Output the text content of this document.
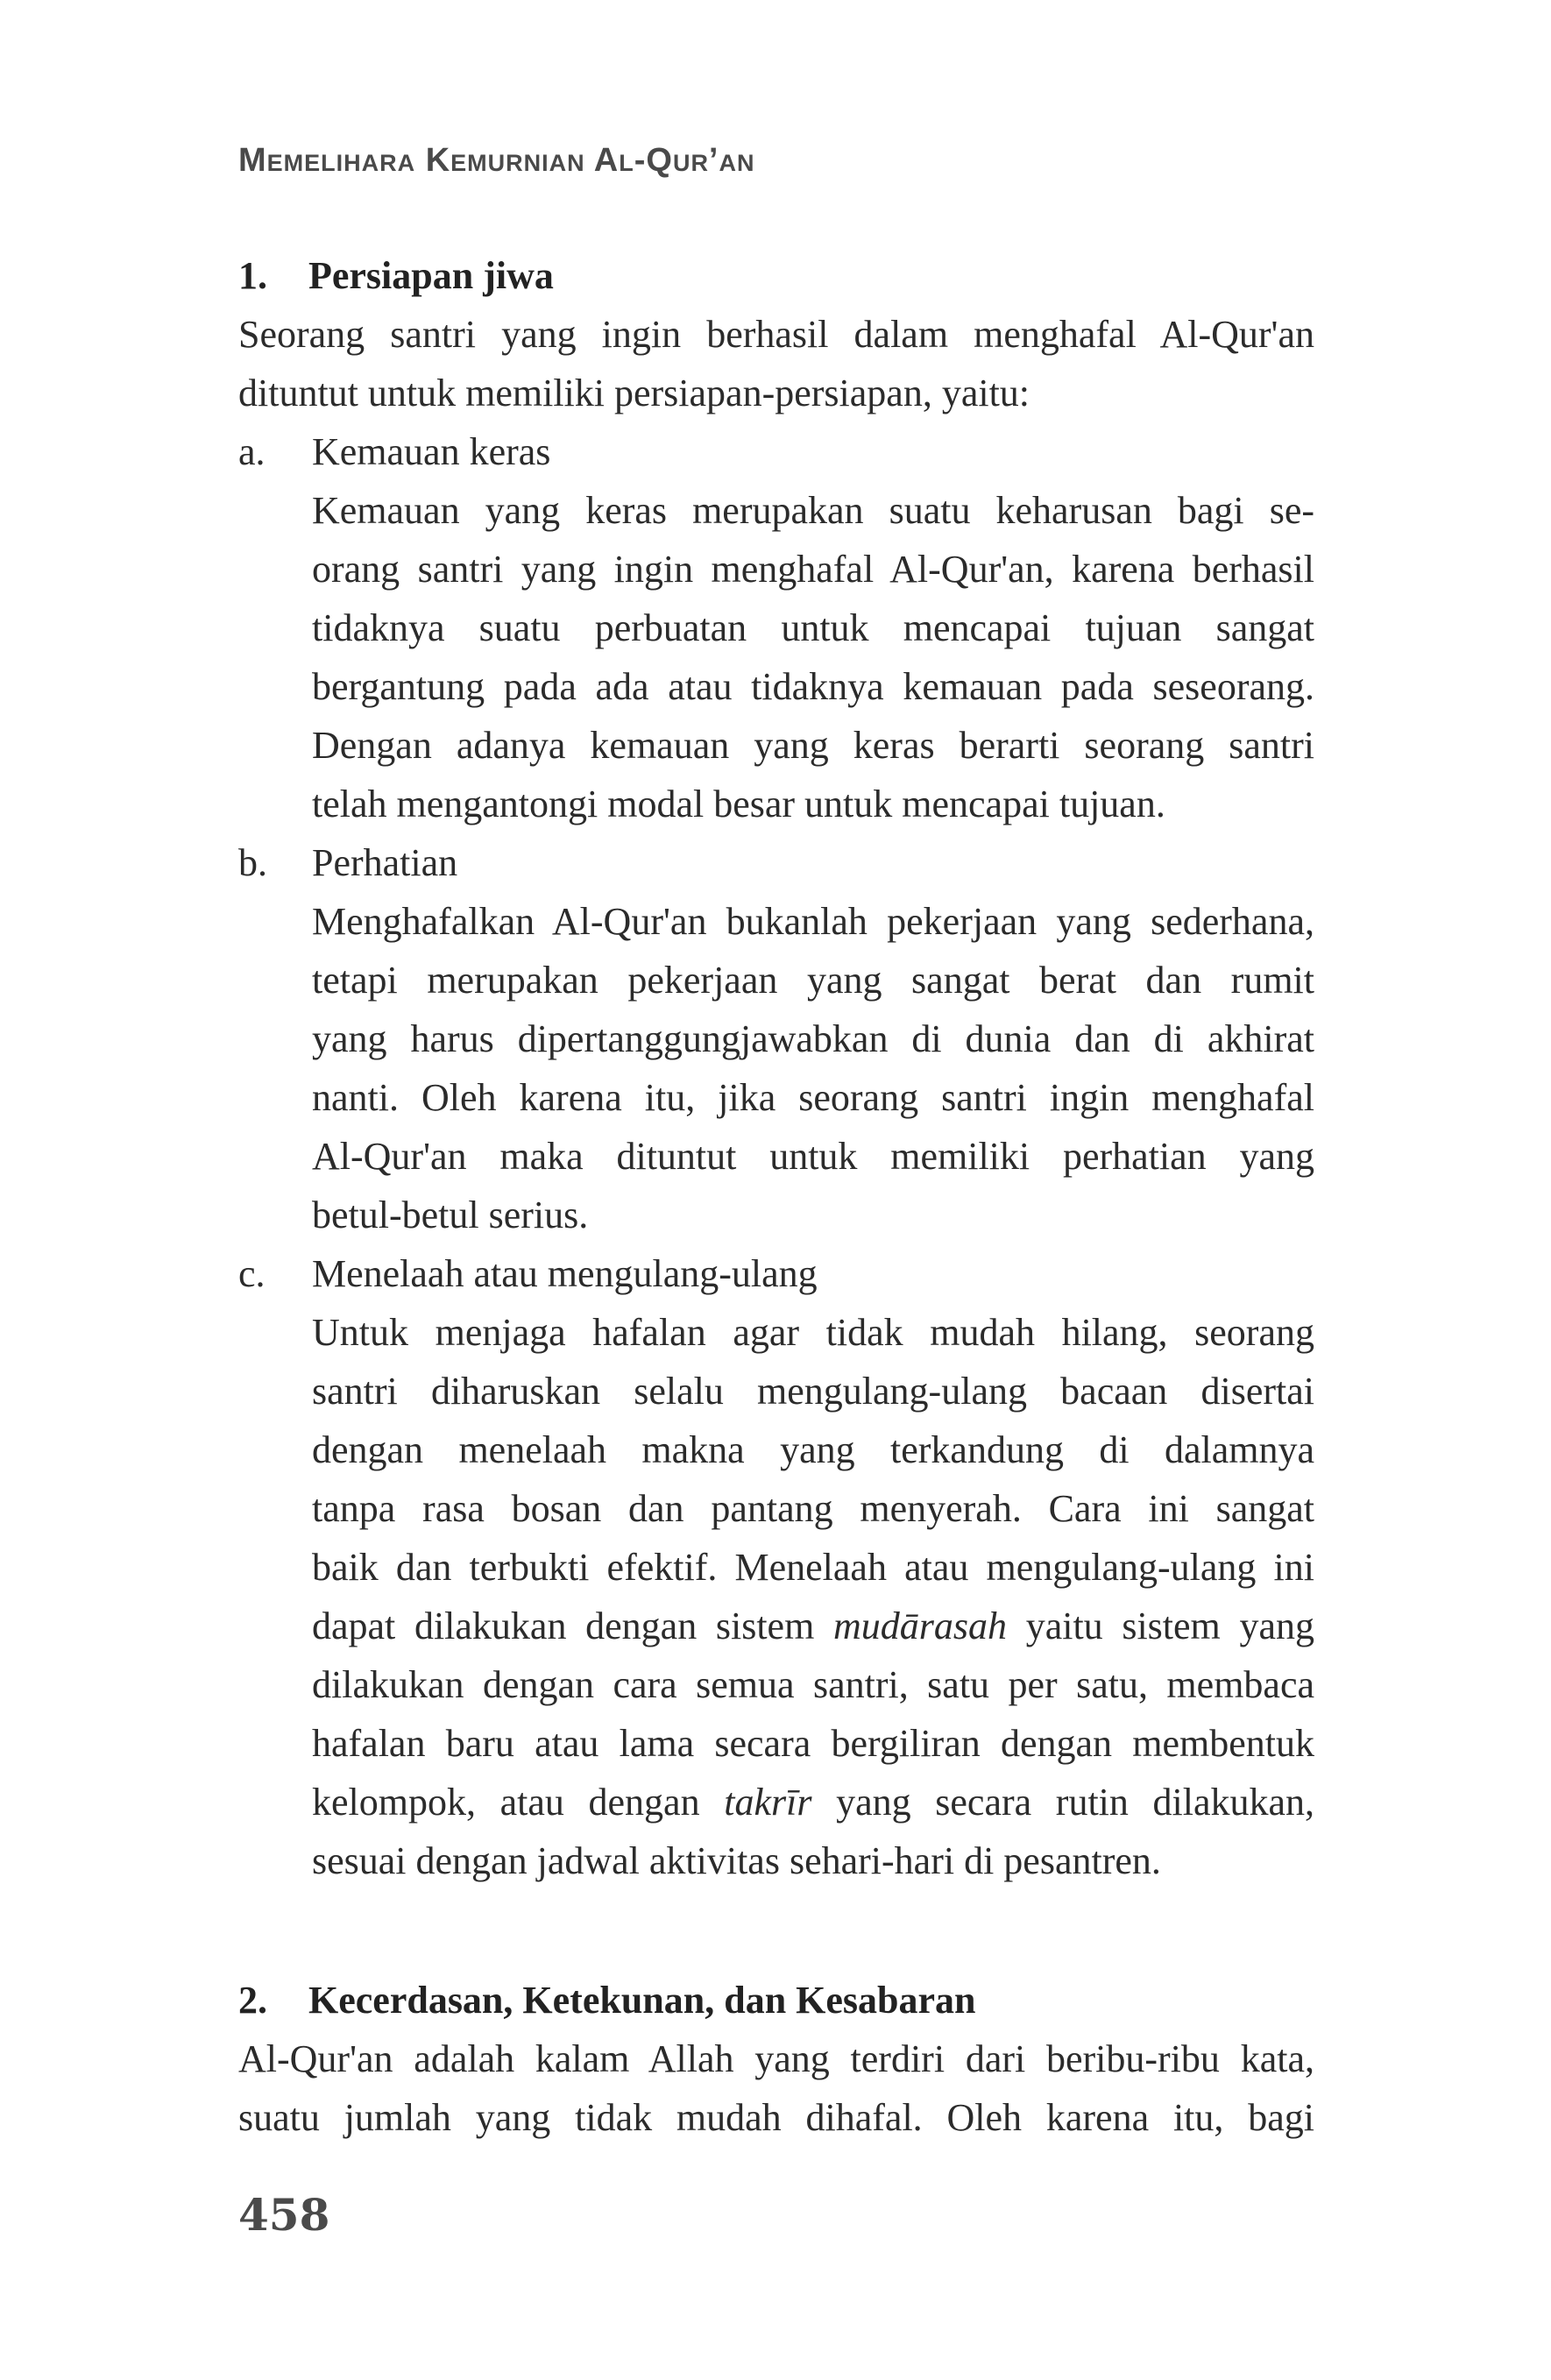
Memelihara Kemurnian Al-Qur’an
1. Persiapan jiwa
Seorang santri yang ingin berhasil dalam menghafal Al-Qur'an
dituntut untuk memiliki persiapan-persiapan, yaitu:
a. Kemauan keras
Kemauan yang keras merupakan suatu keharusan bagi se-
orang santri yang ingin menghafal Al-Qur'an, karena berhasil
tidaknya suatu perbuatan untuk mencapai tujuan sangat
bergantung pada ada atau tidaknya kemauan pada seseorang.
Dengan adanya kemauan yang keras berarti seorang santri
telah mengantongi modal besar untuk mencapai tujuan.
b. Perhatian
Menghafalkan Al-Qur'an bukanlah pekerjaan yang sederhana,
tetapi merupakan pekerjaan yang sangat berat dan rumit
yang harus dipertanggungjawabkan di dunia dan di akhirat
nanti. Oleh karena itu, jika seorang santri ingin menghafal
Al-Qur'an maka dituntut untuk memiliki perhatian yang
betul-betul serius.
c. Menelaah atau mengulang-ulang
Untuk menjaga hafalan agar tidak mudah hilang, seorang
santri diharuskan selalu mengulang-ulang bacaan disertai
dengan menelaah makna yang terkandung di dalamnya
tanpa rasa bosan dan pantang menyerah. Cara ini sangat
baik dan terbukti efektif. Menelaah atau mengulang-ulang ini
dapat dilakukan dengan sistem mudārasah yaitu sistem yang
dilakukan dengan cara semua santri, satu per satu, membaca
hafalan baru atau lama secara bergiliran dengan membentuk
kelompok, atau dengan takrīr yang secara rutin dilakukan,
sesuai dengan jadwal aktivitas sehari-hari di pesantren.
2. Kecerdasan, Ketekunan, dan Kesabaran
Al-Qur'an adalah kalam Allah yang terdiri dari beribu-ribu kata,
suatu jumlah yang tidak mudah dihafal. Oleh karena itu, bagi
458
